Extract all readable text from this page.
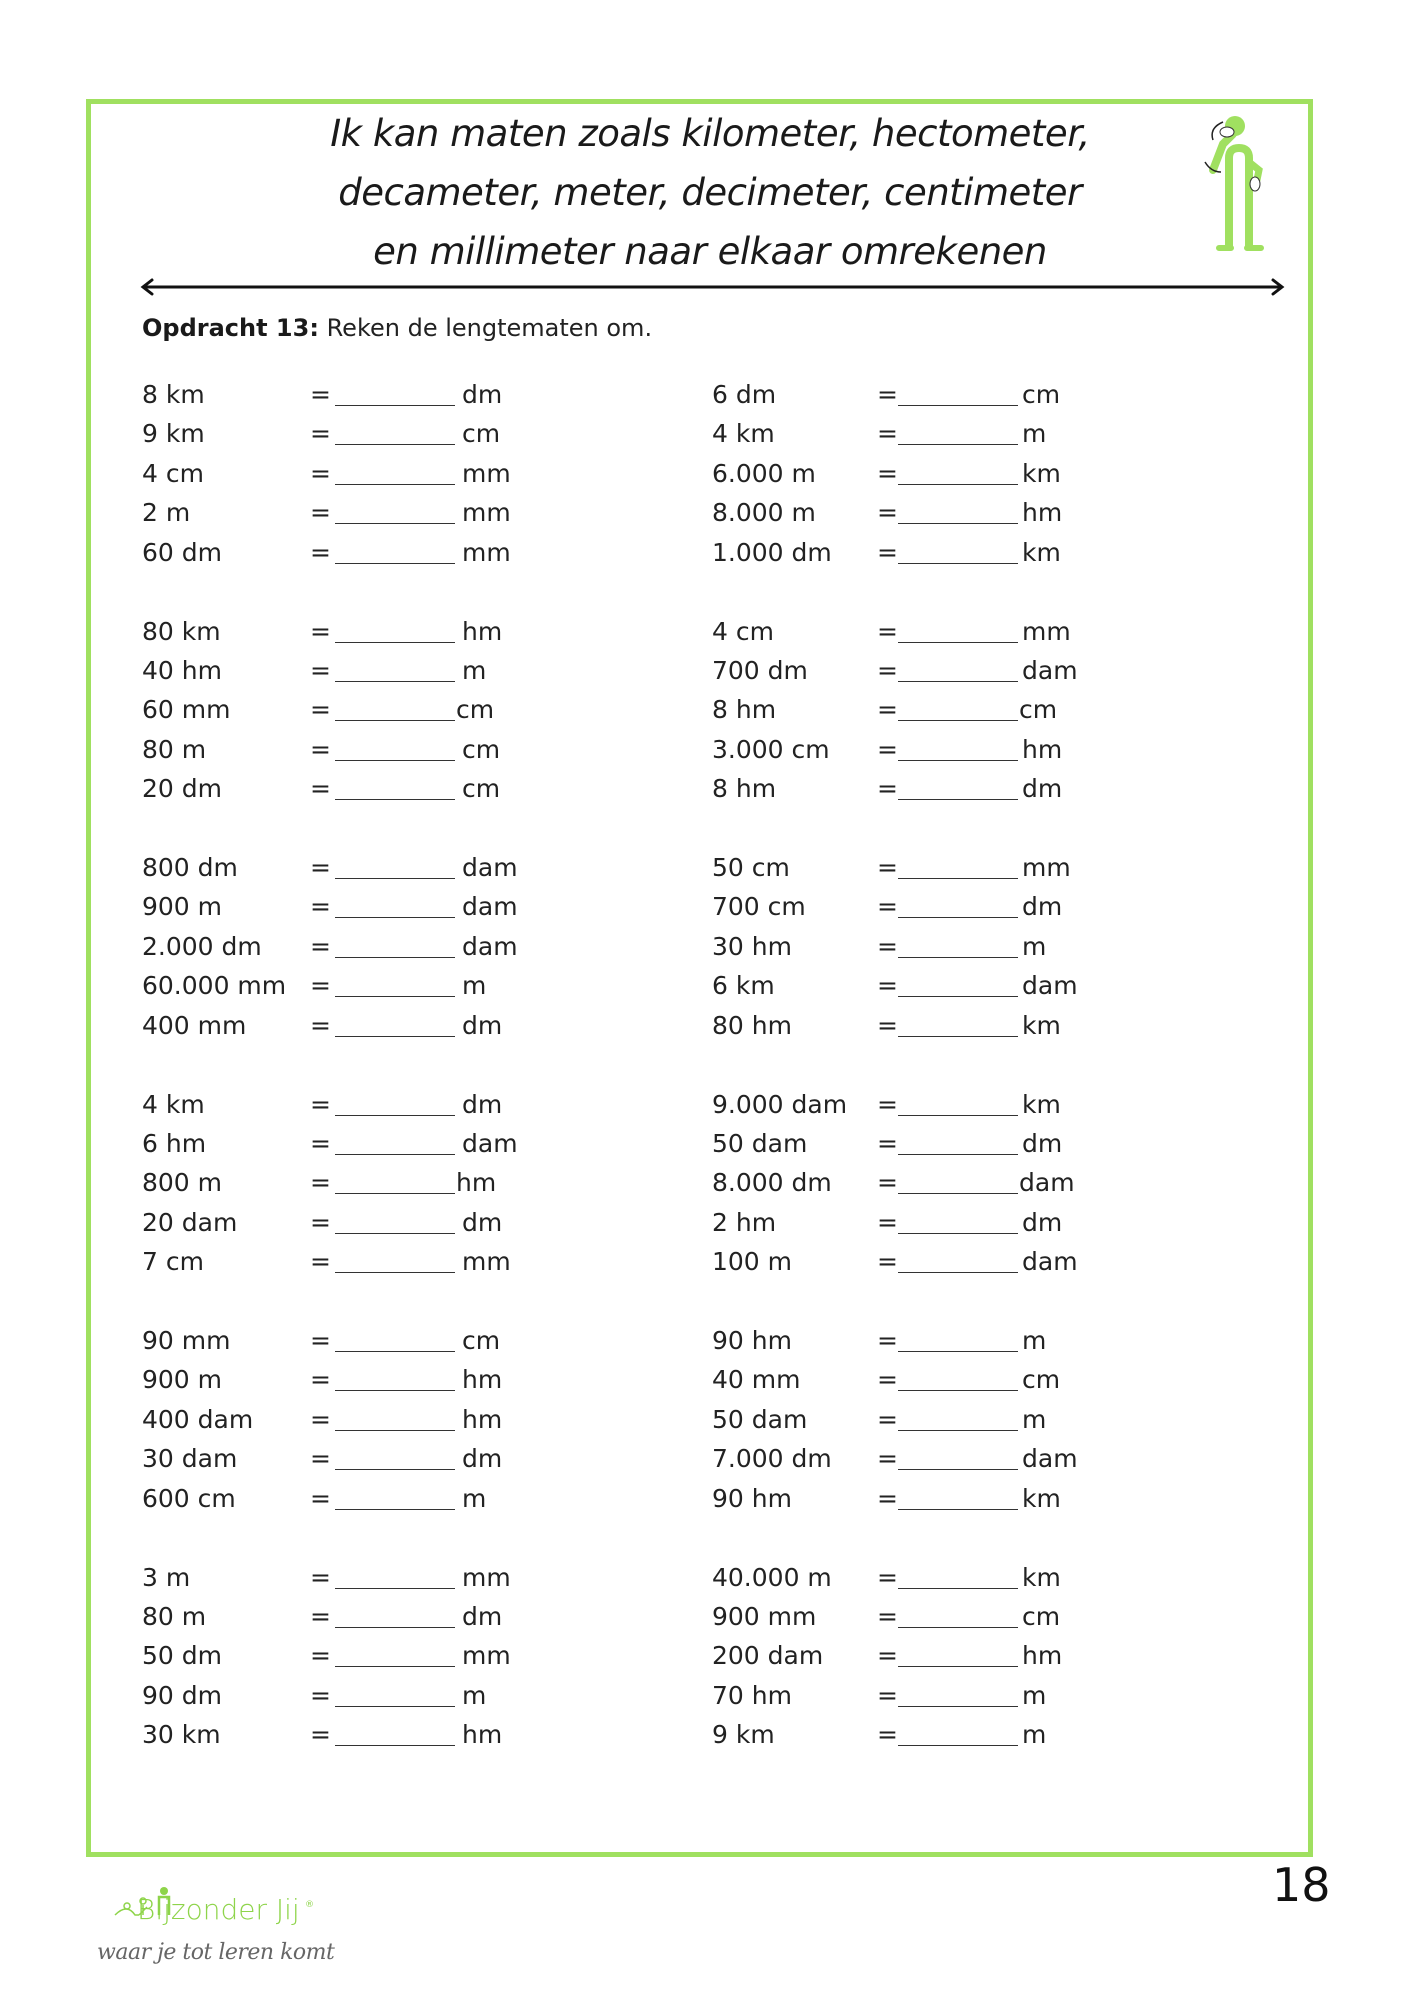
Ik kan maten zoals kilometer, hectometer,
decameter, meter, decimeter, centimeter
en millimeter naar elkaar omrekenen
Opdracht 13: Reken de lengtematen om.
8 km	=	dm
9 km	=	cm
4 cm	=	mm
2 m	=	mm
60 dm	=	mm
80 km	=	hm
40 hm	=	m
60 mm	=	cm
80 m	=	cm
20 dm	=	cm
800 dm	=	dam
900 m	=	dam
2.000 dm =	dam
60.000 mm =	m
400 mm	=	dm
4 km	=	dm
6 hm	=	dam
800 m	=	hm
20 dam	=	dm
7 cm	=	mm
90 mm	=	cm
900 m	=	hm
400 dam =	hm
30 dam	=	dm
600 cm	=	m
3 m	=	mm
80 m	=	dm
50 dm	=	mm
90 dm	=	m
30 km	=	hm
6 dm	=	cm
4 km	=	m
6.000 m =	km
8.000 m =	hm
1.000 dm =	km
4 cm	=	mm
700 dm	=	dam
8 hm	=	cm
3.000 cm =	hm
8 hm	=	dm
50 cm	=	mm
700 cm	=	dm
30 hm	=	m
6 km	=	dam
80 hm	=	km
9.000 dam =	km
50 dam	=	dm
8.000 dm =	dam
2 hm	=	dm
100 m	=	dam
90 hm	=	m
40 mm	=	cm
50 dam	=	m
7.000 dm =	dam
90 hm	=	km
40.000 m =	km
900 mm =	cm
200 dam =	hm
70 hm	=	m
9 km	=	m
Bijzonder Jij ®
waar je tot leren komt
18
